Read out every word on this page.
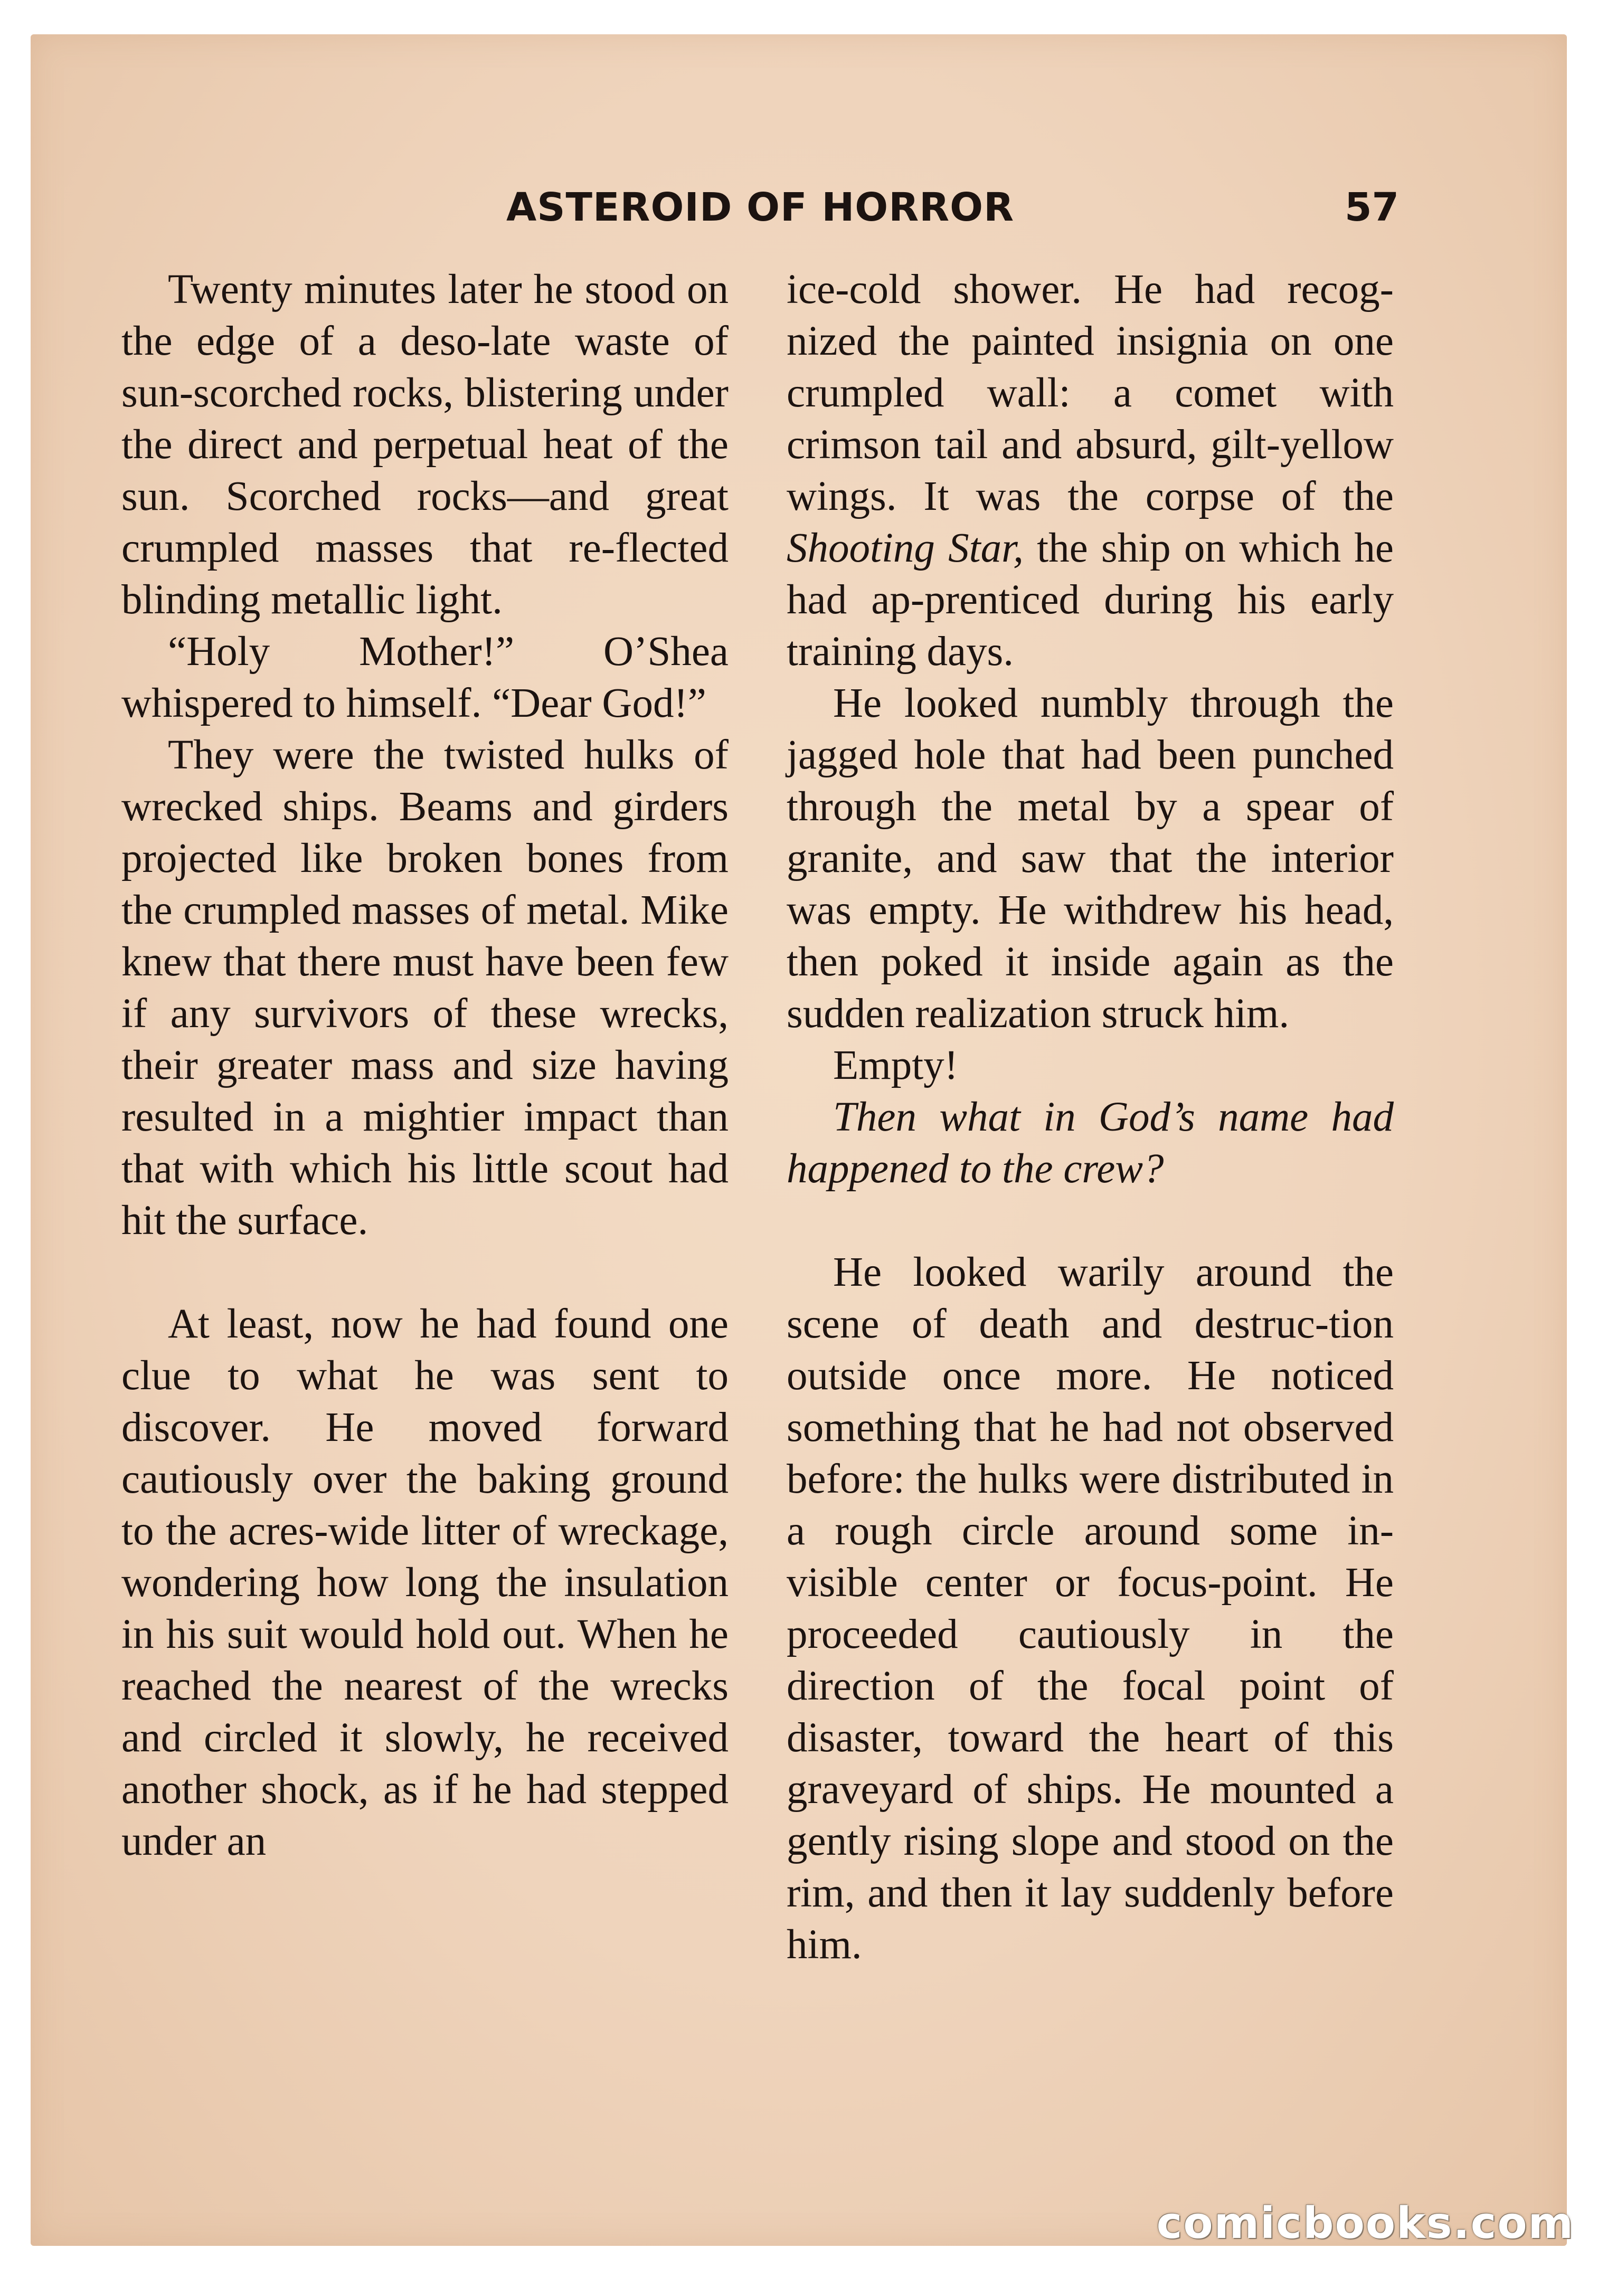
ASTEROID OF HORROR	57

Twenty minutes later he stood on the edge of a deso-late waste of sun-scorched rocks, blistering under the direct and perpetual heat of the sun. Scorched rocks—and great crumpled masses that re-flected blinding metallic light.

“Holy Mother!” O’Shea whispered to himself. “Dear God!”

They were the twisted hulks of wrecked ships. Beams and girders projected like broken bones from the crumpled masses of metal. Mike knew that there must have been few if any survivors of these wrecks, their greater mass and size having resulted in a mightier impact than that with which his little scout had hit the surface.

At least, now he had found one clue to what he was sent to discover. He moved forward cautiously over the baking ground to the acres-wide litter of wreckage, wondering how long the insulation in his suit would hold out. When he reached the nearest of the wrecks and circled it slowly, he received another shock, as if he had stepped under an

ice-cold shower. He had recog-nized the painted insignia on one crumpled wall: a comet with crimson tail and absurd, gilt-yellow wings. It was the corpse of the Shooting Star, the ship on which he had ap-prenticed during his early training days.

He looked numbly through the jagged hole that had been punched through the metal by a spear of granite, and saw that the interior was empty. He withdrew his head, then poked it inside again as the sudden realization struck him.

Empty!

Then what in God’s name had happened to the crew?

He looked warily around the scene of death and destruc-tion outside once more. He noticed something that he had not observed before: the hulks were distributed in a rough circle around some in-visible center or focus-point. He proceeded cautiously in the direction of the focal point of disaster, toward the heart of this graveyard of ships. He mounted a gently rising slope and stood on the rim, and then it lay suddenly before him.

comicbooks.com
